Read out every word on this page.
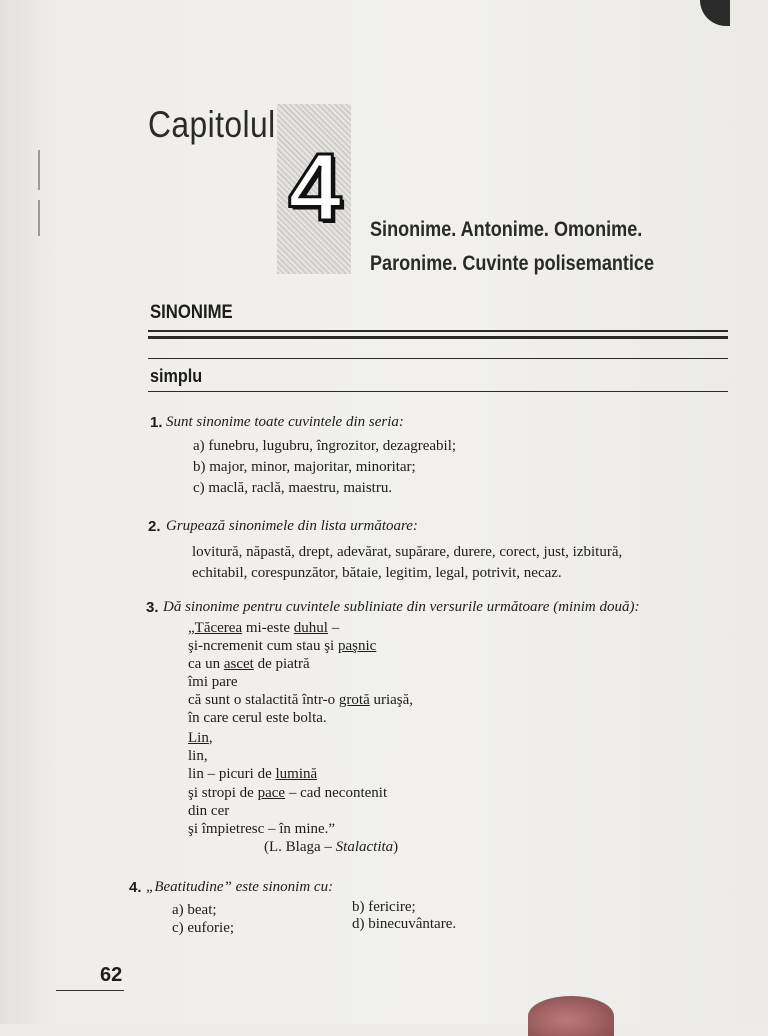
Capitolul
4	Sinonime. Antonime. Omonime.
Paronime. Cuvinte polisemantice
SINONIME
simplu
1. Sunt sinonime toate cuvintele din seria:
a) funebru, lugubru, îngrozitor, dezagreabil;
b) major, minor, majoritar, minoritar;
c) maclă, raclă, maestru, maistru.
2. Grupează sinonimele din lista următoare:
lovitură, năpastă, drept, adevărat, supărare, durere, corect, just, izbitură,
echitabil, corespunzător, bătaie, legitim, legal, potrivit, necaz.
3. Dă sinonime pentru cuvintele subliniate din versurile următoare (minim două):
„Tăcerea mi-este duhul –
şi-ncremenit cum stau şi paşnic
ca un ascet de piatră
îmi pare
că sunt o stalactită într-o grotă uriaşă,
în care cerul este bolta.
Lin,
lin,
lin – picuri de lumină
şi stropi de pace – cad necontenit
din cer
şi împietresc – în mine.”
(L. Blaga – Stalactita)
4. „Beatitudine” este sinonim cu:
a) beat;	b) fericire;
c) euforie;	d) binecuvântare.
62
